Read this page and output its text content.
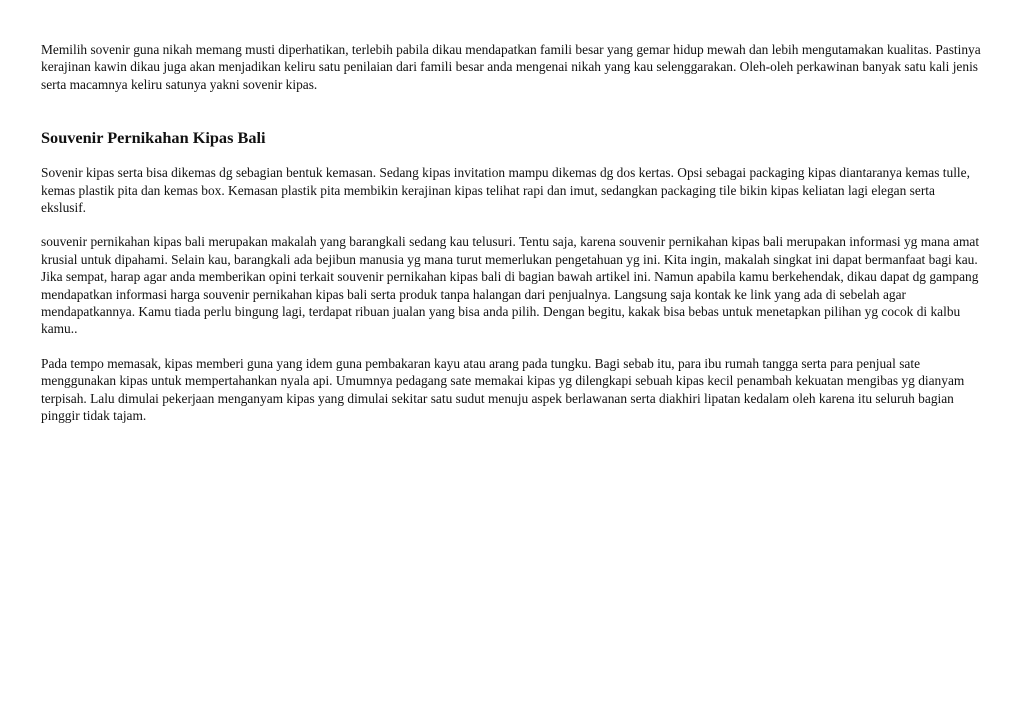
Memilih sovenir guna nikah memang musti diperhatikan, terlebih pabila dikau mendapatkan famili besar yang gemar hidup mewah dan lebih mengutamakan kualitas. Pastinya kerajinan kawin dikau juga akan menjadikan keliru satu penilaian dari famili besar anda mengenai nikah yang kau selenggarakan. Oleh-oleh perkawinan banyak satu kali jenis serta macamnya keliru satunya yakni sovenir kipas.

Souvenir Pernikahan Kipas Bali

Sovenir kipas serta bisa dikemas dg sebagian bentuk kemasan. Sedang kipas invitation mampu dikemas dg dos kertas. Opsi sebagai packaging kipas diantaranya kemas tulle, kemas plastik pita dan kemas box. Kemasan plastik pita membikin kerajinan kipas telihat rapi dan imut, sedangkan packaging tile bikin kipas keliatan lagi elegan serta ekslusif.

souvenir pernikahan kipas bali merupakan makalah yang barangkali sedang kau telusuri. Tentu saja, karena souvenir pernikahan kipas bali merupakan informasi yg mana amat krusial untuk dipahami. Selain kau, barangkali ada bejibun manusia yg mana turut memerlukan pengetahuan yg ini. Kita ingin, makalah singkat ini dapat bermanfaat bagi kau. Jika sempat, harap agar anda memberikan opini terkait souvenir pernikahan kipas bali di bagian bawah artikel ini. Namun apabila kamu berkehendak, dikau dapat dg gampang mendapatkan informasi harga souvenir pernikahan kipas bali serta produk tanpa halangan dari penjualnya. Langsung saja kontak ke link yang ada di sebelah agar mendapatkannya. Kamu tiada perlu bingung lagi, terdapat ribuan jualan yang bisa anda pilih. Dengan begitu, kakak bisa bebas untuk menetapkan pilihan yg cocok di kalbu kamu..

Pada tempo memasak, kipas memberi guna yang idem guna pembakaran kayu atau arang pada tungku. Bagi sebab itu, para ibu rumah tangga serta para penjual sate menggunakan kipas untuk mempertahankan nyala api. Umumnya pedagang sate memakai kipas yg dilengkapi sebuah kipas kecil penambah kekuatan mengibas yg dianyam terpisah. Lalu dimulai pekerjaan menganyam kipas yang dimulai sekitar satu sudut menuju aspek berlawanan serta diakhiri lipatan kedalam oleh karena itu seluruh bagian pinggir tidak tajam.
